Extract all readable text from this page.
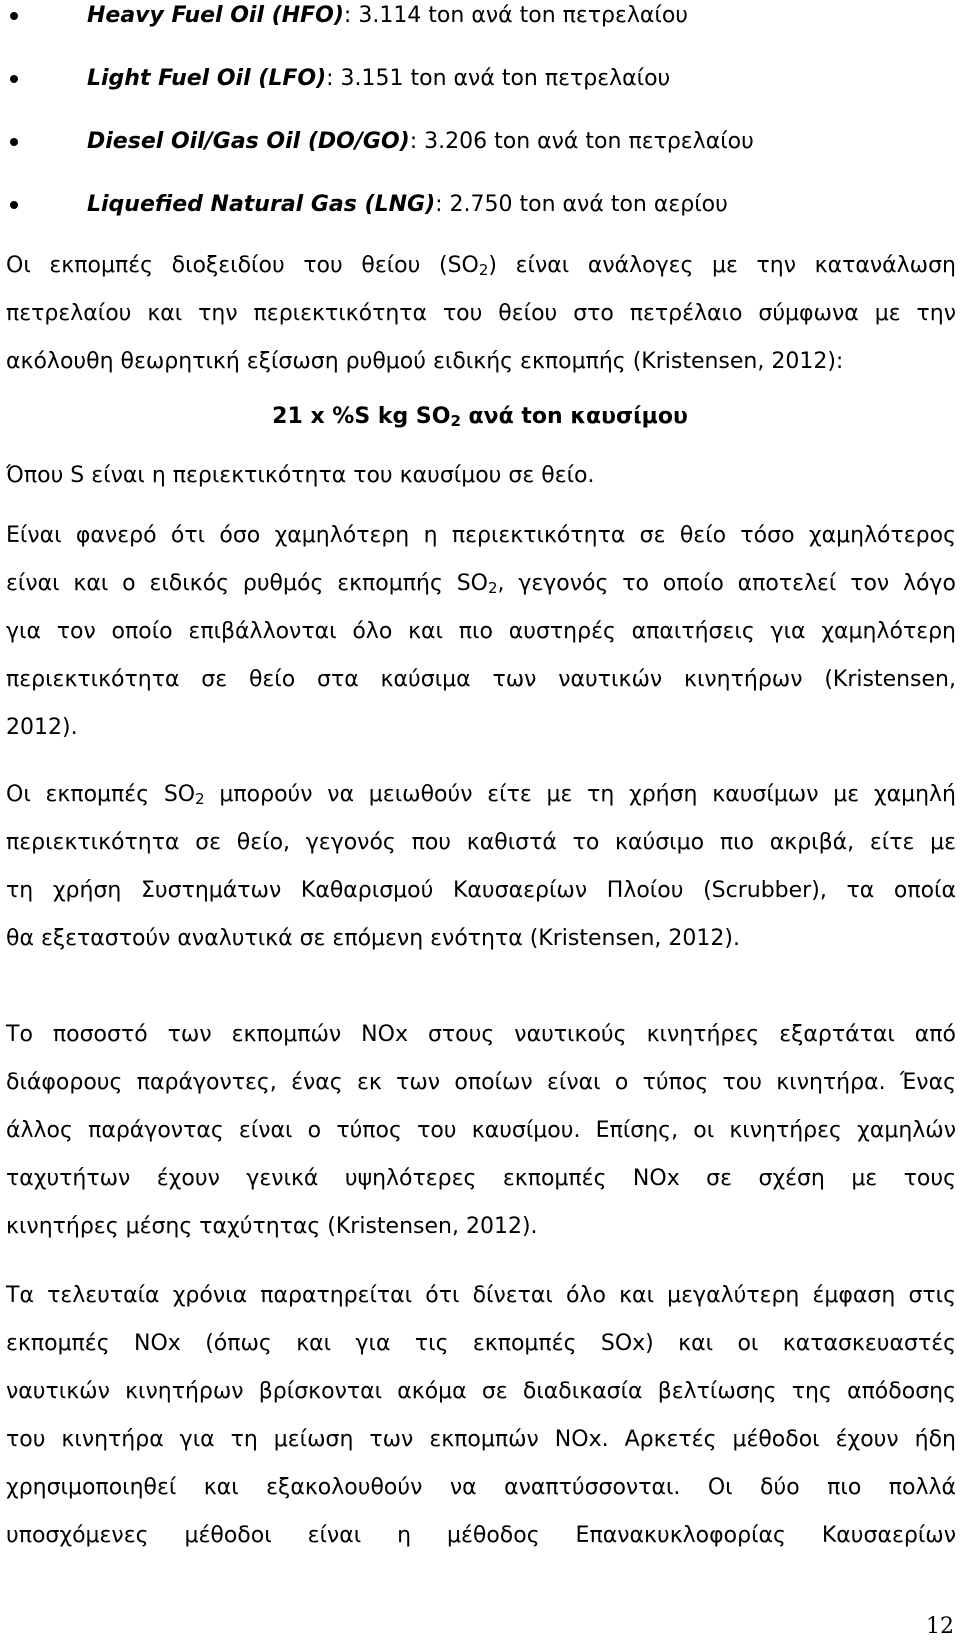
Heavy Fuel Oil (HFO): 3.114 ton ανά ton πετρελαίου
Light Fuel Oil (LFO): 3.151 ton ανά ton πετρελαίου
Diesel Oil/Gas Oil (DO/GO): 3.206 ton ανά ton πετρελαίου
Liquefied Natural Gas (LNG): 2.750 ton ανά ton αερίου
Οι εκπομπές διοξειδίου του θείου $(SO_2)$ είναι ανάλογες με την κατανάλωση
πετρελαίου και την περιεκτικότητα του θείου στο πετρέλαιο σύμφωνα με την
ακόλουθη θεωρητική εξίσωση ρυθμού ειδικής εκπομπής (Kristensen, 2012):
21 x %S kg $SO_2$ ανά ton καυσίμου
Όπου S είναι η περιεκτικότητα του καυσίμου σε θείο.
Είναι φανερό ότι όσο χαμηλότερη η περιεκτικότητα σε θείο τόσο χαμηλότερος
είναι και ο ειδικός ρυθμός εκπομπής $SO_2$, γεγονός το οποίο αποτελεί τον λόγο
για τον οποίο επιβάλλονται όλο και πιο αυστηρές απαιτήσεις για χαμηλότερη
περιεκτικότητα σε θείο στα καύσιμα των ναυτικών κινητήρων (Kristensen,
2012).
Οι εκπομπές $SO_2$ μπορούν να μειωθούν είτε με τη χρήση καυσίμων με χαμηλή
περιεκτικότητα σε θείο, γεγονός που καθιστά το καύσιμο πιο ακριβά, είτε με
τη χρήση Συστημάτων Καθαρισμού Καυσαερίων Πλοίου (Scrubber), τα οποία
θα εξεταστούν αναλυτικά σε επόμενη ενότητα (Kristensen, 2012).
Το ποσοστό των εκπομπών NOx στους ναυτικούς κινητήρες εξαρτάται από
διάφορους παράγοντες, ένας εκ των οποίων είναι ο τύπος του κινητήρα. Ένας
άλλος παράγοντας είναι ο τύπος του καυσίμου. Επίσης, οι κινητήρες χαμηλών
ταχυτήτων έχουν γενικά υψηλότερες εκπομπές NOx σε σχέση με τους
κινητήρες μέσης ταχύτητας (Kristensen, 2012).
Τα τελευταία χρόνια παρατηρείται ότι δίνεται όλο και μεγαλύτερη έμφαση στις
εκπομπές NOx (όπως και για τις εκπομπές SOx) και οι κατασκευαστές
ναυτικών κινητήρων βρίσκονται ακόμα σε διαδικασία βελτίωσης της απόδοσης
του κινητήρα για τη μείωση των εκπομπών NOx. Αρκετές μέθοδοι έχουν ήδη
χρησιμοποιηθεί και εξακολουθούν να αναπτύσσονται. Οι δύο πιο πολλά
υποσχόμενες μέθοδοι είναι η μέθοδος Επανακυκλοφορίας Καυσαερίων
12
